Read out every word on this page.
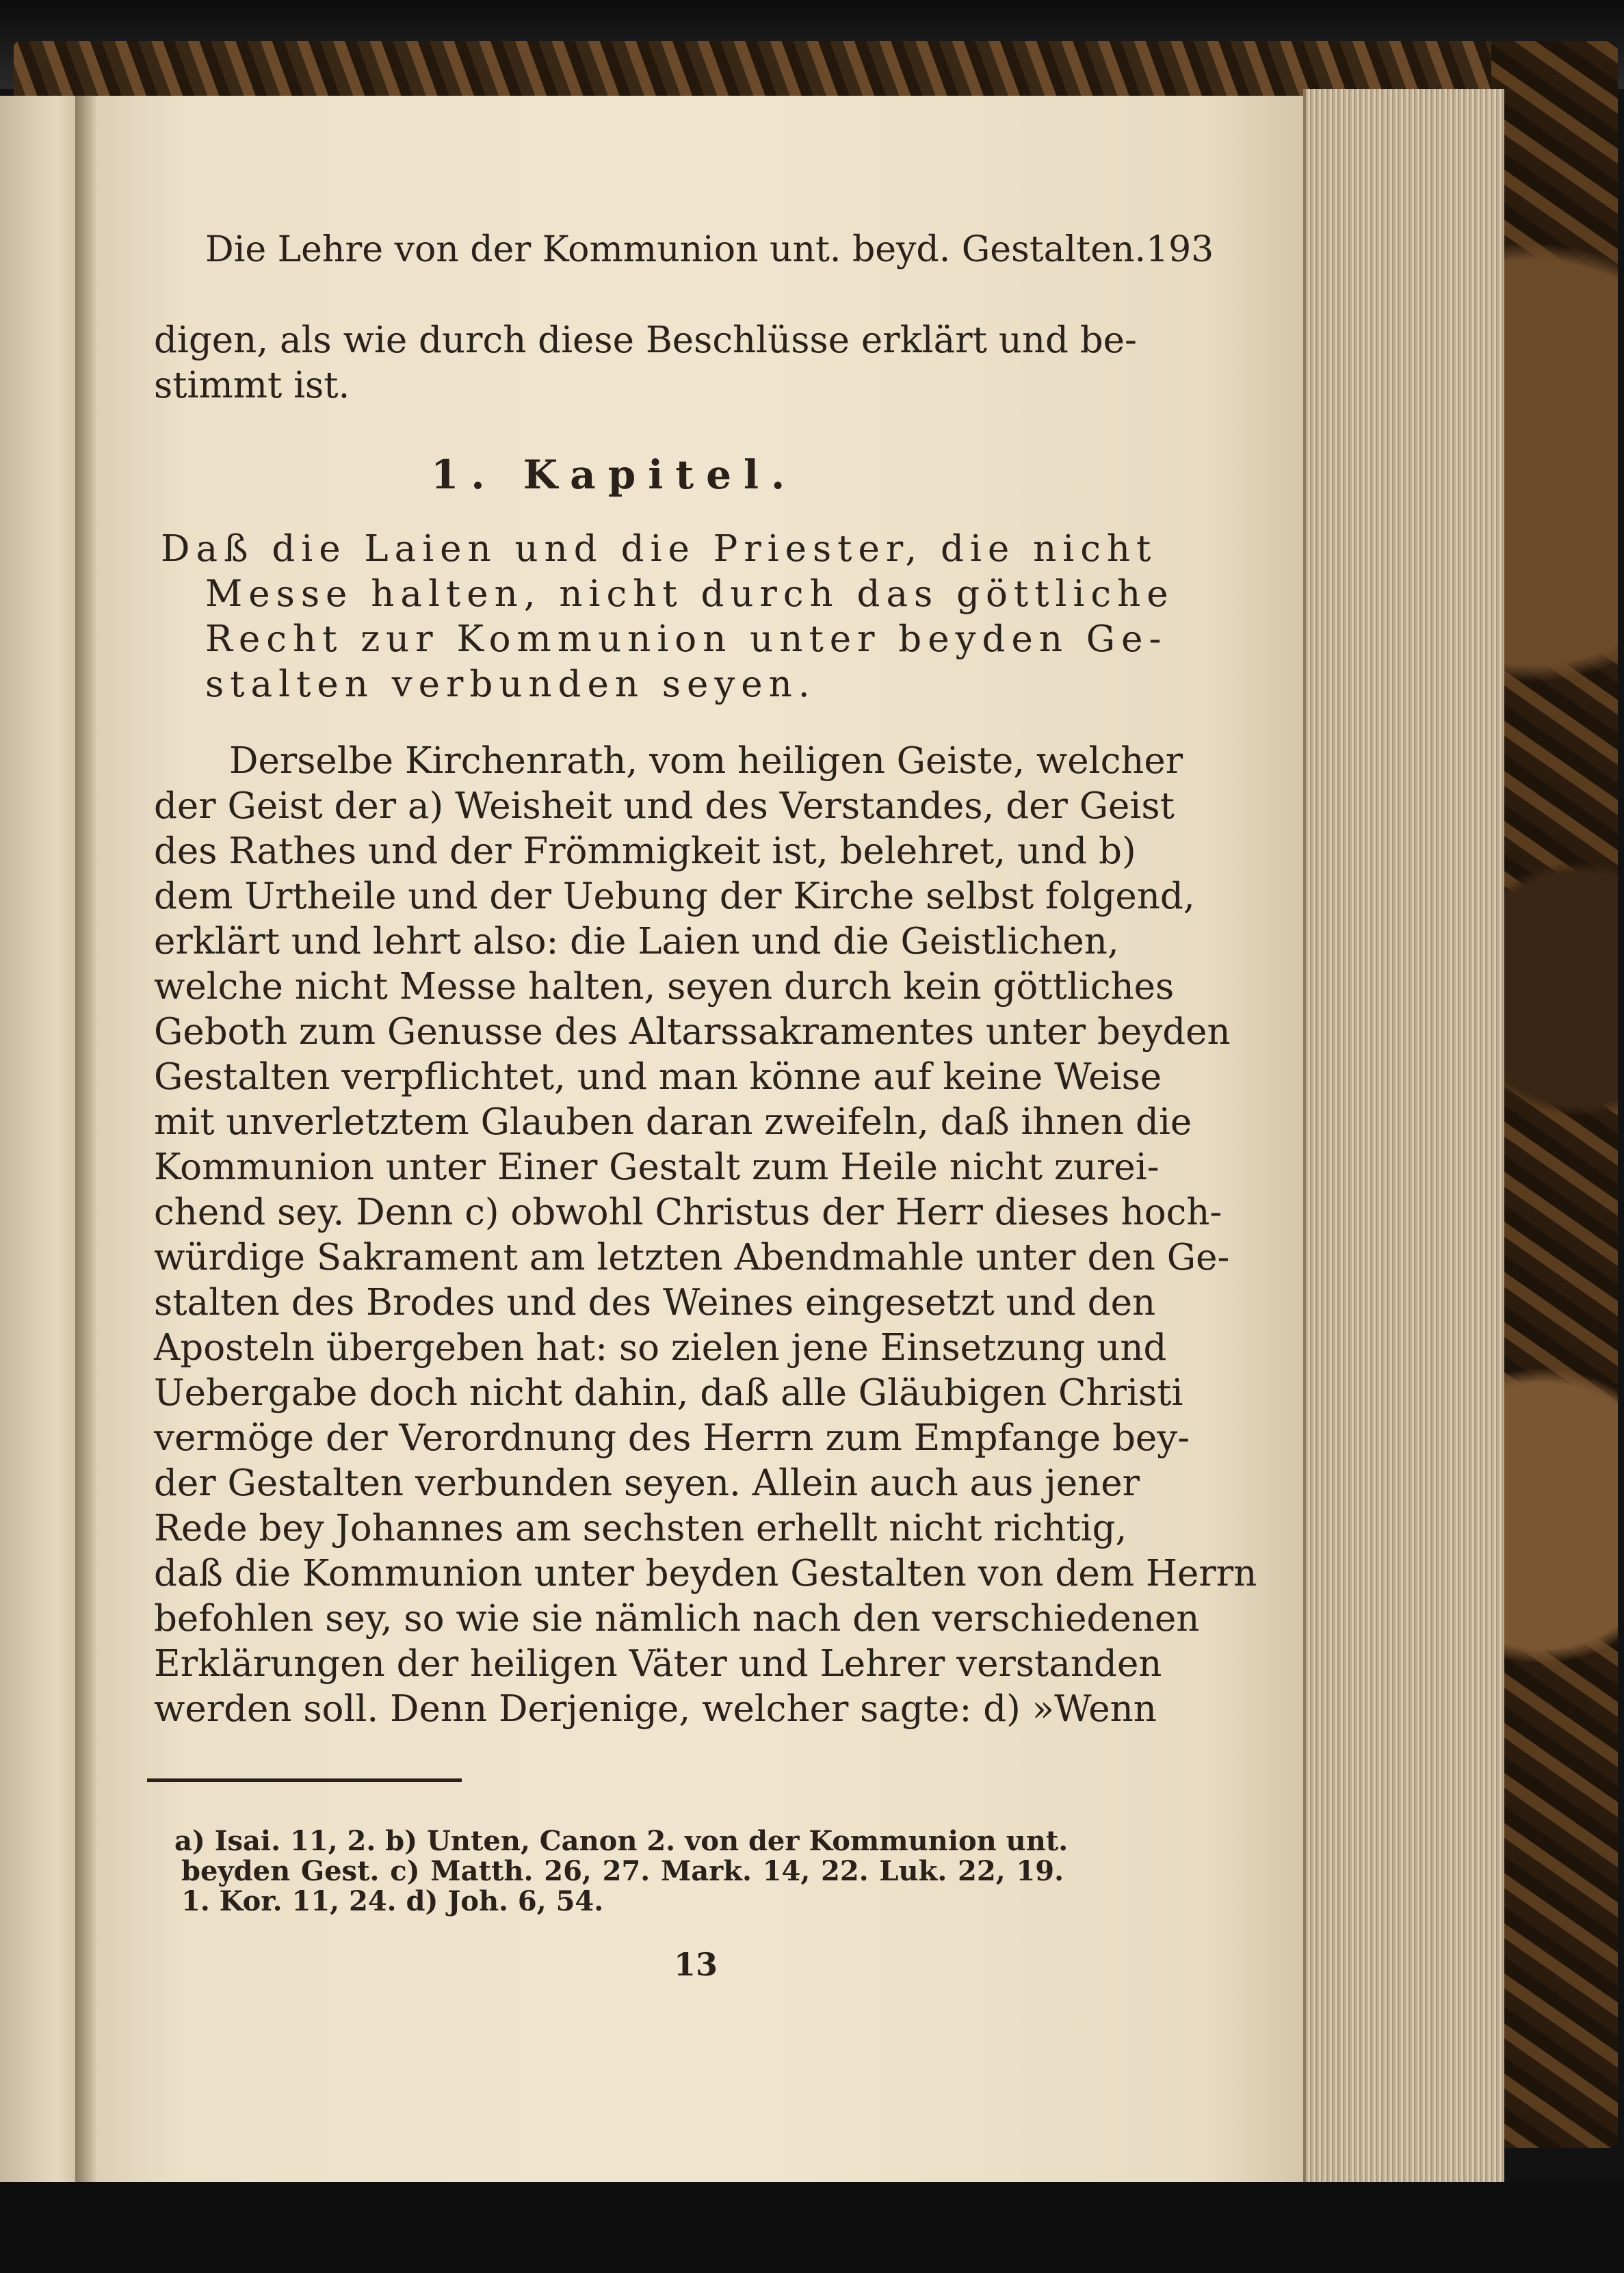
Die Lehre von der Kommunion unt. beyd. Gestalten. 193
digen, als wie durch diese Beschlüsse erklärt und be-
stimmt ist.
1. Kapitel.
Daß die Laien und die Priester, die nicht
Messe halten, nicht durch das göttliche
Recht zur Kommunion unter beyden Ge-
stalten verbunden seyen.
Derselbe Kirchenrath, vom heiligen Geiste, welcher
der Geist der a) Weisheit und des Verstandes, der Geist
des Rathes und der Frömmigkeit ist, belehret, und b)
dem Urtheile und der Uebung der Kirche selbst folgend,
erklärt und lehrt also: die Laien und die Geistlichen,
welche nicht Messe halten, seyen durch kein göttliches
Geboth zum Genusse des Altarssakramentes unter beyden
Gestalten verpflichtet, und man könne auf keine Weise
mit unverletztem Glauben daran zweifeln, daß ihnen die
Kommunion unter Einer Gestalt zum Heile nicht zurei-
chend sey. Denn c) obwohl Christus der Herr dieses hoch-
würdige Sakrament am letzten Abendmahle unter den Ge-
stalten des Brodes und des Weines eingesetzt und den
Aposteln übergeben hat: so zielen jene Einsetzung und
Uebergabe doch nicht dahin, daß alle Gläubigen Christi
vermöge der Verordnung des Herrn zum Empfange bey-
der Gestalten verbunden seyen. Allein auch aus jener
Rede bey Johannes am sechsten erhellt nicht richtig,
daß die Kommunion unter beyden Gestalten von dem Herrn
befohlen sey, so wie sie nämlich nach den verschiedenen
Erklärungen der heiligen Väter und Lehrer verstanden
werden soll. Denn Derjenige, welcher sagte: d) »Wenn
a) Isai. 11, 2. b) Unten, Canon 2. von der Kommunion unt.
beyden Gest. c) Matth. 26, 27. Mark. 14, 22. Luk. 22, 19.
1. Kor. 11, 24. d) Joh. 6, 54.
13
